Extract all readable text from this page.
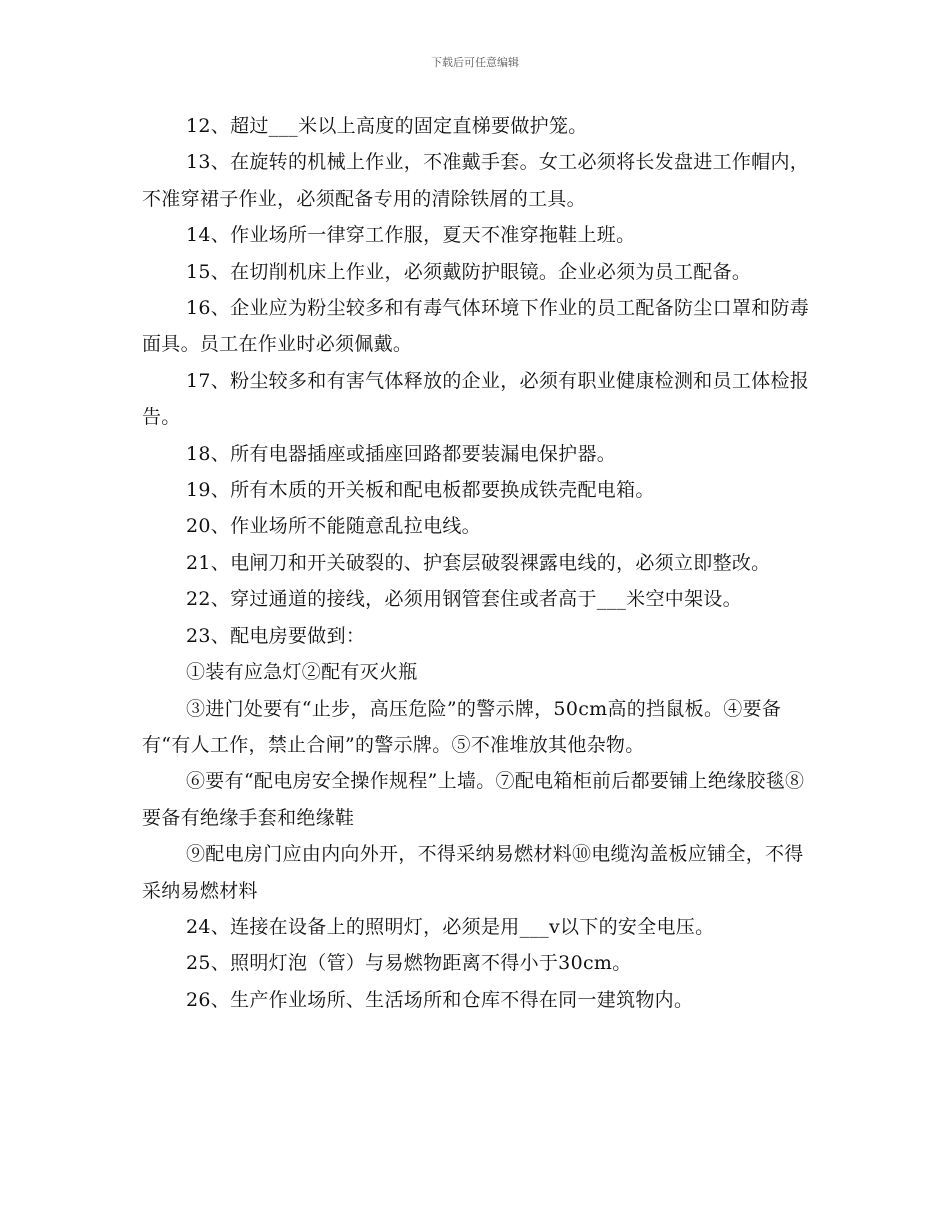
下载后可任意编辑

12、超过___米以上高度的固定直梯要做护笼。

13、在旋转的机械上作业，不准戴手套。女工必须将长发盘进工作帽内，不准穿裙子作业，必须配备专用的清除铁屑的工具。

14、作业场所一律穿工作服，夏天不准穿拖鞋上班。

15、在切削机床上作业，必须戴防护眼镜。企业必须为员工配备。

16、企业应为粉尘较多和有毒气体环境下作业的员工配备防尘口罩和防毒面具。员工在作业时必须佩戴。

17、粉尘较多和有害气体释放的企业，必须有职业健康检测和员工体检报告。

18、所有电器插座或插座回路都要装漏电保护器。

19、所有木质的开关板和配电板都要换成铁壳配电箱。

20、作业场所不能随意乱拉电线。

21、电闸刀和开关破裂的、护套层破裂裸露电线的，必须立即整改。

22、穿过通道的接线，必须用钢管套住或者高于___米空中架设。

23、配电房要做到：

①装有应急灯②配有灭火瓶

③进门处要有“止步，高压危险”的警示牌，50cm高的挡鼠板。④要备有“有人工作，禁止合闸”的警示牌。⑤不准堆放其他杂物。

⑥要有“配电房安全操作规程”上墙。⑦配电箱柜前后都要铺上绝缘胶毯⑧要备有绝缘手套和绝缘鞋

⑨配电房门应由内向外开，不得采纳易燃材料⑩电缆沟盖板应铺全，不得采纳易燃材料

24、连接在设备上的照明灯，必须是用___v以下的安全电压。

25、照明灯泡（管）与易燃物距离不得小于30cm。

26、生产作业场所、生活场所和仓库不得在同一建筑物内。
